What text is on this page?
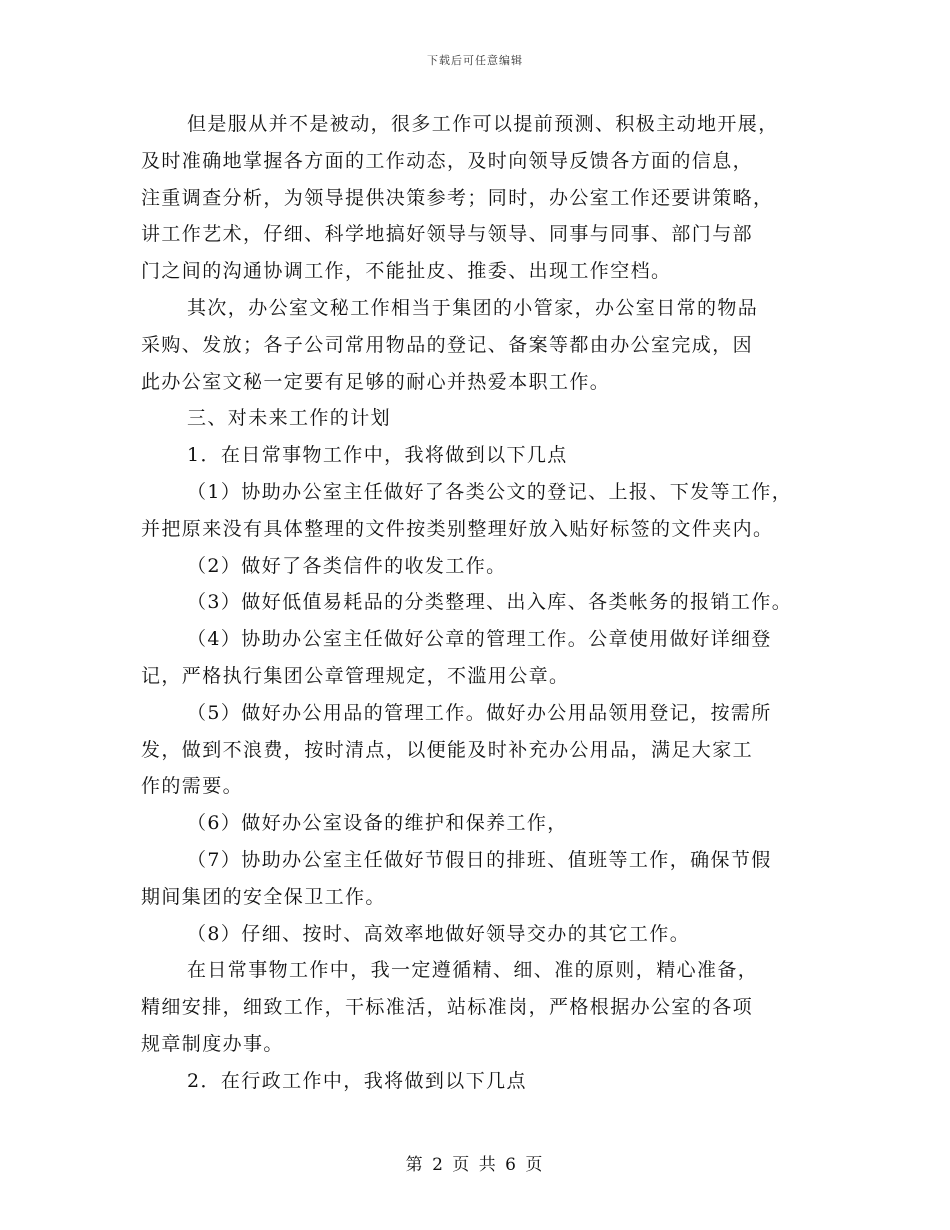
下载后可任意编辑
但是服从并不是被动，很多工作可以提前预测、积极主动地开展，
及时准确地掌握各方面的工作动态，及时向领导反馈各方面的信息，
注重调查分析，为领导提供决策参考；同时，办公室工作还要讲策略，
讲工作艺术，仔细、科学地搞好领导与领导、同事与同事、部门与部
门之间的沟通协调工作，不能扯皮、推委、出现工作空档。
其次，办公室文秘工作相当于集团的小管家，办公室日常的物品
采购、发放；各子公司常用物品的登记、备案等都由办公室完成，因
此办公室文秘一定要有足够的耐心并热爱本职工作。
三、对未来工作的计划
1．在日常事物工作中，我将做到以下几点
（1）协助办公室主任做好了各类公文的登记、上报、下发等工作，
并把原来没有具体整理的文件按类别整理好放入贴好标签的文件夹内。
（2）做好了各类信件的收发工作。
（3）做好低值易耗品的分类整理、出入库、各类帐务的报销工作。
（4）协助办公室主任做好公章的管理工作。公章使用做好详细登
记，严格执行集团公章管理规定，不滥用公章。
（5）做好办公用品的管理工作。做好办公用品领用登记，按需所
发，做到不浪费，按时清点，以便能及时补充办公用品，满足大家工
作的需要。
（6）做好办公室设备的维护和保养工作，
（7）协助办公室主任做好节假日的排班、值班等工作，确保节假
期间集团的安全保卫工作。
（8）仔细、按时、高效率地做好领导交办的其它工作。
在日常事物工作中，我一定遵循精、细、准的原则，精心准备，
精细安排，细致工作，干标准活，站标准岗，严格根据办公室的各项
规章制度办事。
2．在行政工作中，我将做到以下几点
第 2 页 共 6 页
